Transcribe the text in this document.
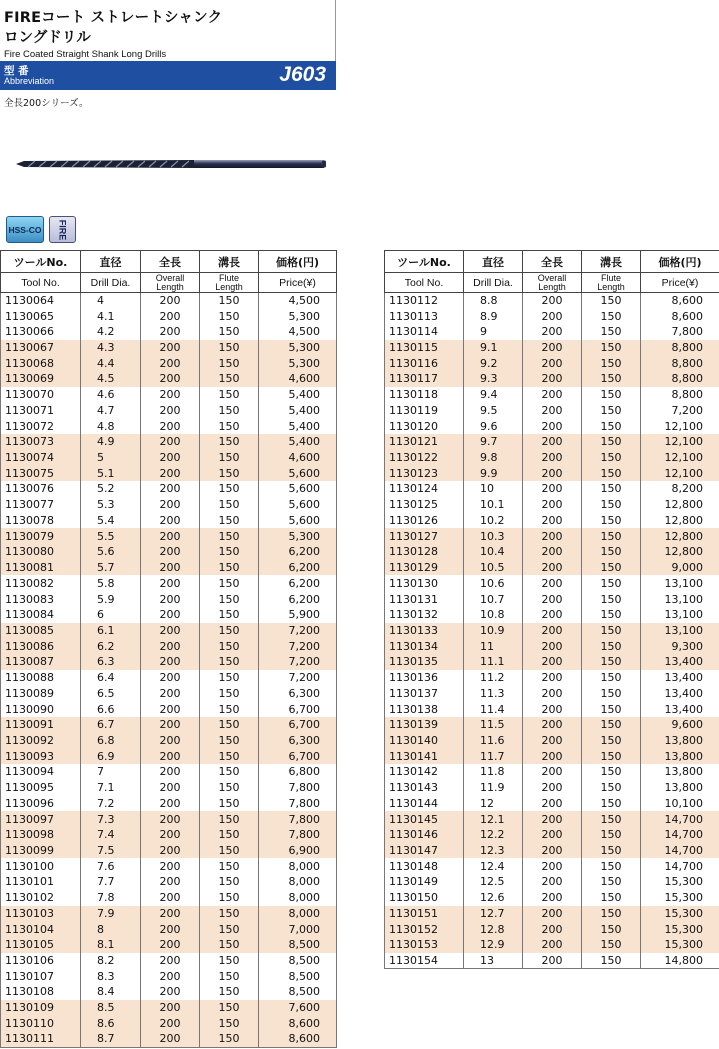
FIREコート ストレートシャンク
ロングドリル
Fire Coated Straight Shank Long Drills
型 番
Abbreviation	J603
全長200シリーズ。
HSS-CO FIRE
ツールNo.	直径	全長	溝長	価格(円)
Tool No.	Drill Dia.	Overall
Length	Flute
Length	Price(¥)
1130064	4	200	150	4,500
1130065	4.1	200	150	5,300
1130066	4.2	200	150	4,500
1130067	4.3	200	150	5,300
1130068	4.4	200	150	5,300
1130069	4.5	200	150	4,600
1130070	4.6	200	150	5,400
1130071	4.7	200	150	5,400
1130072	4.8	200	150	5,400
1130073	4.9	200	150	5,400
1130074	5	200	150	4,600
1130075	5.1	200	150	5,600
1130076	5.2	200	150	5,600
1130077	5.3	200	150	5,600
1130078	5.4	200	150	5,600
1130079	5.5	200	150	5,300
1130080	5.6	200	150	6,200
1130081	5.7	200	150	6,200
1130082	5.8	200	150	6,200
1130083	5.9	200	150	6,200
1130084	6	200	150	5,900
1130085	6.1	200	150	7,200
1130086	6.2	200	150	7,200
1130087	6.3	200	150	7,200
1130088	6.4	200	150	7,200
1130089	6.5	200	150	6,300
1130090	6.6	200	150	6,700
1130091	6.7	200	150	6,700
1130092	6.8	200	150	6,300
1130093	6.9	200	150	6,700
1130094	7	200	150	6,800
1130095	7.1	200	150	7,800
1130096	7.2	200	150	7,800
1130097	7.3	200	150	7,800
1130098	7.4	200	150	7,800
1130099	7.5	200	150	6,900
1130100	7.6	200	150	8,000
1130101	7.7	200	150	8,000
1130102	7.8	200	150	8,000
1130103	7.9	200	150	8,000
1130104	8	200	150	7,000
1130105	8.1	200	150	8,500
1130106	8.2	200	150	8,500
1130107	8.3	200	150	8,500
1130108	8.4	200	150	8,500
1130109	8.5	200	150	7,600
1130110	8.6	200	150	8,600
1130111	8.7	200	150	8,600
ツールNo.	直径	全長	溝長	価格(円)
Tool No.	Drill Dia.	Overall
Length	Flute
Length	Price(¥)
1130112	8.8	200	150	8,600
1130113	8.9	200	150	8,600
1130114	9	200	150	7,800
1130115	9.1	200	150	8,800
1130116	9.2	200	150	8,800
1130117	9.3	200	150	8,800
1130118	9.4	200	150	8,800
1130119	9.5	200	150	7,200
1130120	9.6	200	150	12,100
1130121	9.7	200	150	12,100
1130122	9.8	200	150	12,100
1130123	9.9	200	150	12,100
1130124	10	200	150	8,200
1130125	10.1	200	150	12,800
1130126	10.2	200	150	12,800
1130127	10.3	200	150	12,800
1130128	10.4	200	150	12,800
1130129	10.5	200	150	9,000
1130130	10.6	200	150	13,100
1130131	10.7	200	150	13,100
1130132	10.8	200	150	13,100
1130133	10.9	200	150	13,100
1130134	11	200	150	9,300
1130135	11.1	200	150	13,400
1130136	11.2	200	150	13,400
1130137	11.3	200	150	13,400
1130138	11.4	200	150	13,400
1130139	11.5	200	150	9,600
1130140	11.6	200	150	13,800
1130141	11.7	200	150	13,800
1130142	11.8	200	150	13,800
1130143	11.9	200	150	13,800
1130144	12	200	150	10,100
1130145	12.1	200	150	14,700
1130146	12.2	200	150	14,700
1130147	12.3	200	150	14,700
1130148	12.4	200	150	14,700
1130149	12.5	200	150	15,300
1130150	12.6	200	150	15,300
1130151	12.7	200	150	15,300
1130152	12.8	200	150	15,300
1130153	12.9	200	150	15,300
1130154	13	200	150	14,800
